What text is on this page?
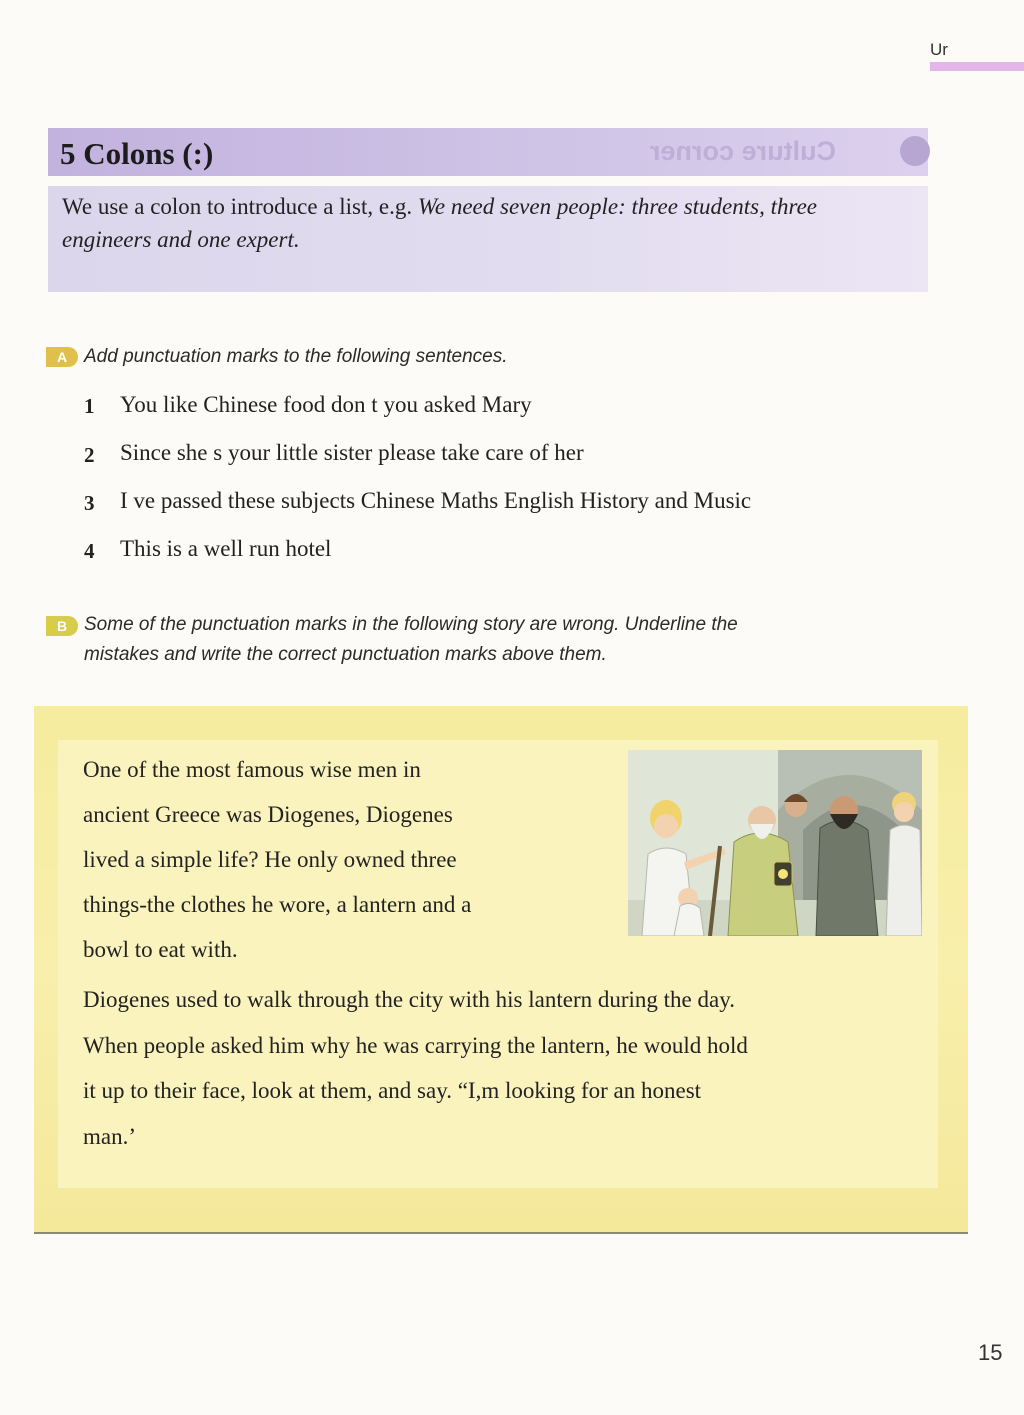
Ur
Culture corner
5 Colons (:)
We use a colon to introduce a list, e.g. We need seven people: three students, three engineers and one expert.
A Add punctuation marks to the following sentences.
1 You like Chinese food don t you asked Mary
2 Since she s your little sister please take care of her
3 I ve passed these subjects Chinese Maths English History and Music
4 This is a well run hotel
B Some of the punctuation marks in the following story are wrong. Underline the
mistakes and write the correct punctuation marks above them.
One of the most famous wise men in
ancient Greece was Diogenes, Diogenes
lived a simple life? He only owned three
things-the clothes he wore, a lantern and a
bowl to eat with.
Diogenes used to walk through the city with his lantern during the day.
When people asked him why he was carrying the lantern, he would hold
it up to their face, look at them, and say. “I,m looking for an honest
man.’
15
